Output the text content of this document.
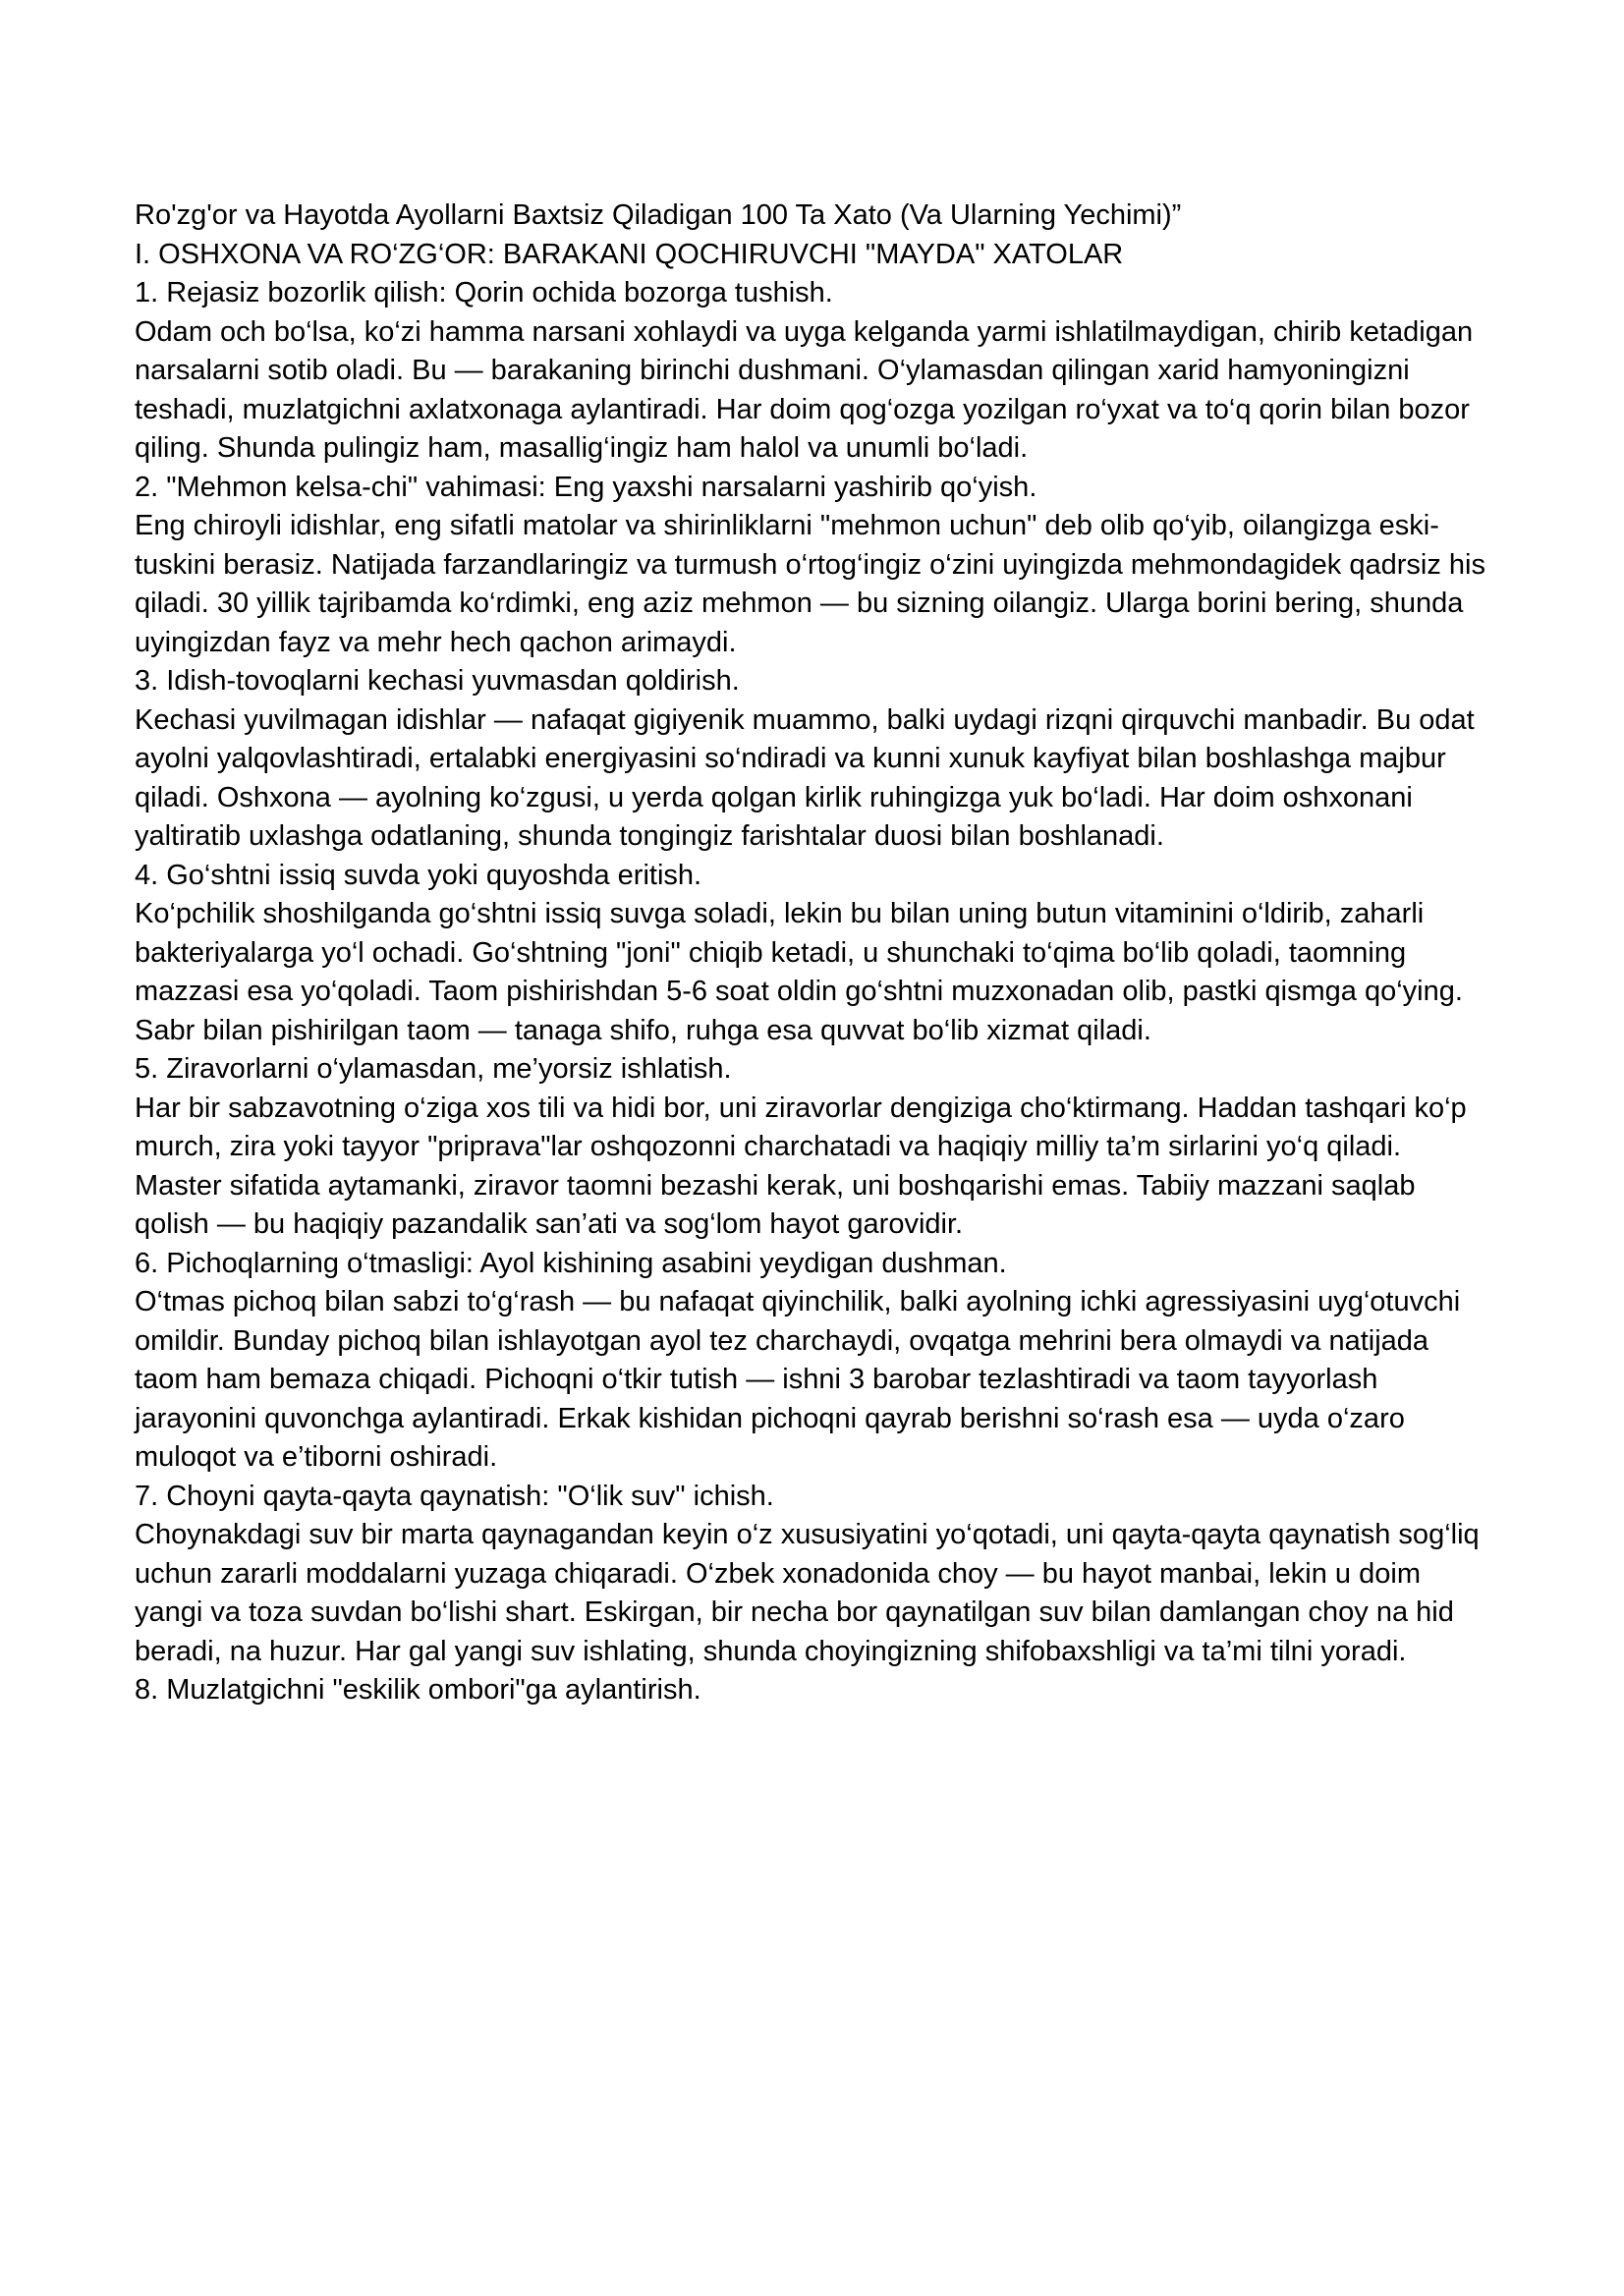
Ro'zg'or va Hayotda Ayollarni Baxtsiz Qiladigan 100 Ta Xato (Va Ularning Yechimi)”

I. OSHXONA VA RO‘ZG‘OR: BARAKANI QOCHIRUVCHI "MAYDA" XATOLAR

1. Rejasiz bozorlik qilish: Qorin ochida bozorga tushish.

Odam och bo‘lsa, ko‘zi hamma narsani xohlaydi va uyga kelganda yarmi ishlatilmaydigan, chirib ketadigan narsalarni sotib oladi. Bu — barakaning birinchi dushmani. O‘ylamasdan qilingan xarid hamyoningizni teshadi, muzlatgichni axlatxonaga aylantiradi. Har doim qog‘ozga yozilgan ro‘yxat va to‘q qorin bilan bozor qiling. Shunda pulingiz ham, masallig‘ingiz ham halol va unumli bo‘ladi.

2. "Mehmon kelsa-chi" vahimasi: Eng yaxshi narsalarni yashirib qo‘yish.

Eng chiroyli idishlar, eng sifatli matolar va shirinliklarni "mehmon uchun" deb olib qo‘yib, oilangizga eski-tuskini berasiz. Natijada farzandlaringiz va turmush o‘rtog‘ingiz o‘zini uyingizda mehmondagidek qadrsiz his qiladi. 30 yillik tajribamda ko‘rdimki, eng aziz mehmon — bu sizning oilangiz. Ularga borini bering, shunda uyingizdan fayz va mehr hech qachon arimaydi.

3. Idish-tovoqlarni kechasi yuvmasdan qoldirish.

Kechasi yuvilmagan idishlar — nafaqat gigiyenik muammo, balki uydagi rizqni qirquvchi manbadir. Bu odat ayolni yalqovlashtiradi, ertalabki energiyasini so‘ndiradi va kunni xunuk kayfiyat bilan boshlashga majbur qiladi. Oshxona — ayolning ko‘zgusi, u yerda qolgan kirlik ruhingizga yuk bo‘ladi. Har doim oshxonani yaltiratib uxlashga odatlaning, shunda tongingiz farishtalar duosi bilan boshlanadi.

4. Go‘shtni issiq suvda yoki quyoshda eritish.

Ko‘pchilik shoshilganda go‘shtni issiq suvga soladi, lekin bu bilan uning butun vitaminini o‘ldirib, zaharli bakteriyalarga yo‘l ochadi. Go‘shtning "joni" chiqib ketadi, u shunchaki to‘qima bo‘lib qoladi, taomning mazzasi esa yo‘qoladi. Taom pishirishdan 5-6 soat oldin go‘shtni muzxonadan olib, pastki qismga qo‘ying. Sabr bilan pishirilgan taom — tanaga shifo, ruhga esa quvvat bo‘lib xizmat qiladi.

5. Ziravorlarni o‘ylamasdan, me’yorsiz ishlatish.

Har bir sabzavotning o‘ziga xos tili va hidi bor, uni ziravorlar dengiziga cho‘ktirmang. Haddan tashqari ko‘p murch, zira yoki tayyor "priprava"lar oshqozonni charchatadi va haqiqiy milliy ta’m sirlarini yo‘q qiladi. Master sifatida aytamanki, ziravor taomni bezashi kerak, uni boshqarishi emas. Tabiiy mazzani saqlab qolish — bu haqiqiy pazandalik san’ati va sog‘lom hayot garovidir.

6. Pichoqlarning o‘tmasligi: Ayol kishining asabini yeydigan dushman.

O‘tmas pichoq bilan sabzi to‘g‘rash — bu nafaqat qiyinchilik, balki ayolning ichki agressiyasini uyg‘otuvchi omildir. Bunday pichoq bilan ishlayotgan ayol tez charchaydi, ovqatga mehrini bera olmaydi va natijada taom ham bemaza chiqadi. Pichoqni o‘tkir tutish — ishni 3 barobar tezlashtiradi va taom tayyorlash jarayonini quvonchga aylantiradi. Erkak kishidan pichoqni qayrab berishni so‘rash esa — uyda o‘zaro muloqot va e’tiborni oshiradi.

7. Choyni qayta-qayta qaynatish: "O‘lik suv" ichish.

Choynakdagi suv bir marta qaynagandan keyin o‘z xususiyatini yo‘qotadi, uni qayta-qayta qaynatish sog‘liq uchun zararli moddalarni yuzaga chiqaradi. O‘zbek xonadonida choy — bu hayot manbai, lekin u doim yangi va toza suvdan bo‘lishi shart. Eskirgan, bir necha bor qaynatilgan suv bilan damlangan choy na hid beradi, na huzur. Har gal yangi suv ishlating, shunda choyingizning shifobaxshligi va ta’mi tilni yoradi.

8. Muzlatgichni "eskilik ombori"ga aylantirish.
